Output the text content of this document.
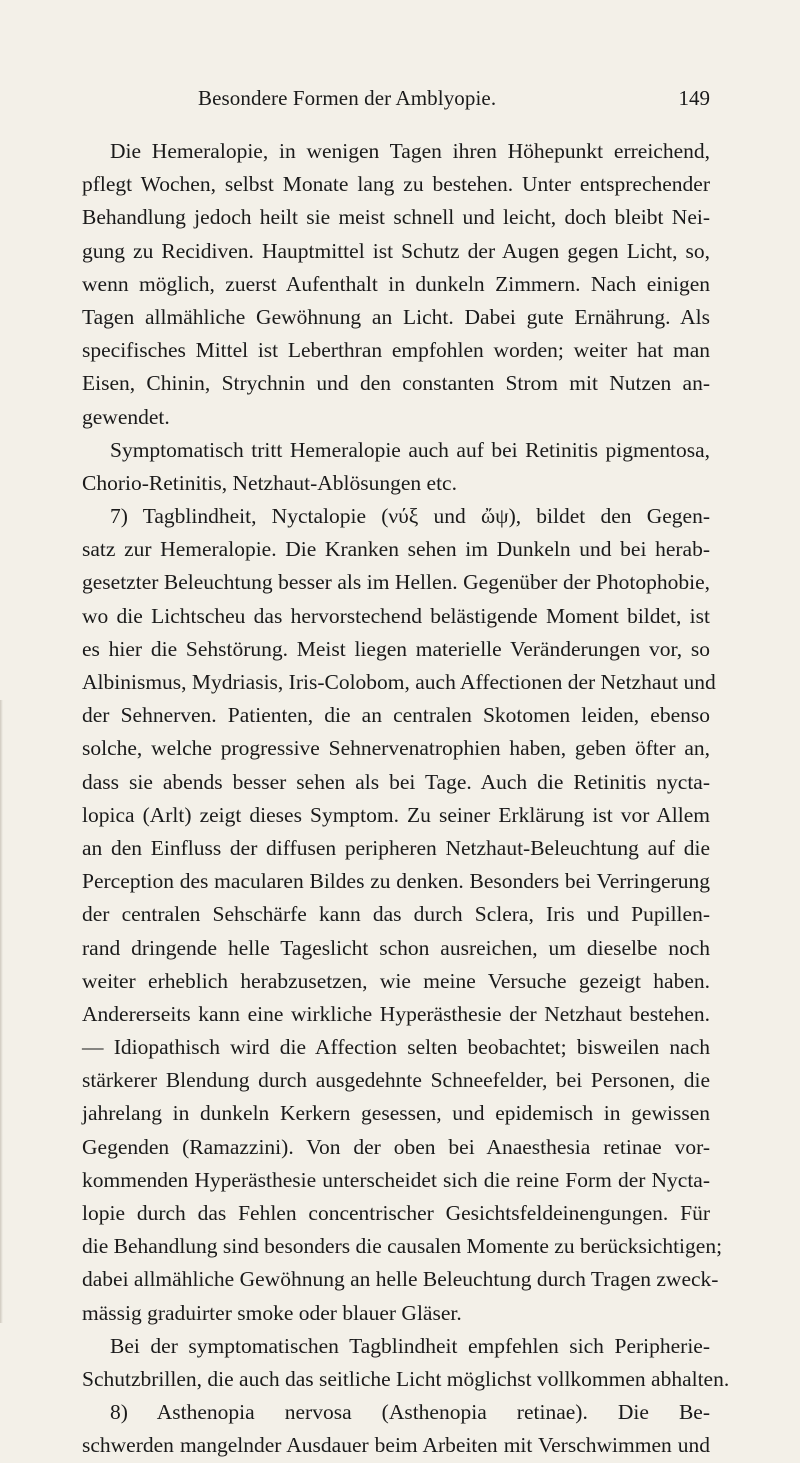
Besondere Formen der Amblyopie.	149
Die Hemeralopie, in wenigen Tagen ihren Höhepunkt erreichend,
pflegt Wochen, selbst Monate lang zu bestehen. Unter entsprechender
Behandlung jedoch heilt sie meist schnell und leicht, doch bleibt Nei-
gung zu Recidiven. Hauptmittel ist Schutz der Augen gegen Licht, so,
wenn möglich, zuerst Aufenthalt in dunkeln Zimmern. Nach einigen
Tagen allmähliche Gewöhnung an Licht. Dabei gute Ernährung. Als
specifisches Mittel ist Leberthran empfohlen worden; weiter hat man
Eisen, Chinin, Strychnin und den constanten Strom mit Nutzen an-
gewendet.
Symptomatisch tritt Hemeralopie auch auf bei Retinitis pigmentosa,
Chorio-Retinitis, Netzhaut-Ablösungen etc.
7) Tagblindheit, Nyctalopie (νύξ und ὤψ), bildet den Gegen-
satz zur Hemeralopie. Die Kranken sehen im Dunkeln und bei herab-
gesetzter Beleuchtung besser als im Hellen. Gegenüber der Photophobie,
wo die Lichtscheu das hervorstechend belästigende Moment bildet, ist
es hier die Sehstörung. Meist liegen materielle Veränderungen vor, so
Albinismus, Mydriasis, Iris-Colobom, auch Affectionen der Netzhaut und
der Sehnerven. Patienten, die an centralen Skotomen leiden, ebenso
solche, welche progressive Sehnervenatrophien haben, geben öfter an,
dass sie abends besser sehen als bei Tage. Auch die Retinitis nycta-
lopica (Arlt) zeigt dieses Symptom. Zu seiner Erklärung ist vor Allem
an den Einfluss der diffusen peripheren Netzhaut-Beleuchtung auf die
Perception des macularen Bildes zu denken. Besonders bei Verringerung
der centralen Sehschärfe kann das durch Sclera, Iris und Pupillen-
rand dringende helle Tageslicht schon ausreichen, um dieselbe noch
weiter erheblich herabzusetzen, wie meine Versuche gezeigt haben.
Andererseits kann eine wirkliche Hyperästhesie der Netzhaut bestehen.
— Idiopathisch wird die Affection selten beobachtet; bisweilen nach
stärkerer Blendung durch ausgedehnte Schneefelder, bei Personen, die
jahrelang in dunkeln Kerkern gesessen, und epidemisch in gewissen
Gegenden (Ramazzini). Von der oben bei Anaesthesia retinae vor-
kommenden Hyperästhesie unterscheidet sich die reine Form der Nycta-
lopie durch das Fehlen concentrischer Gesichtsfeldeinengungen. Für
die Behandlung sind besonders die causalen Momente zu berücksichtigen;
dabei allmähliche Gewöhnung an helle Beleuchtung durch Tragen zweck-
mässig graduirter smoke oder blauer Gläser.
Bei der symptomatischen Tagblindheit empfehlen sich Peripherie-
Schutzbrillen, die auch das seitliche Licht möglichst vollkommen abhalten.
8) Asthenopia nervosa (Asthenopia retinae). Die Be-
schwerden mangelnder Ausdauer beim Arbeiten mit Verschwimmen und
